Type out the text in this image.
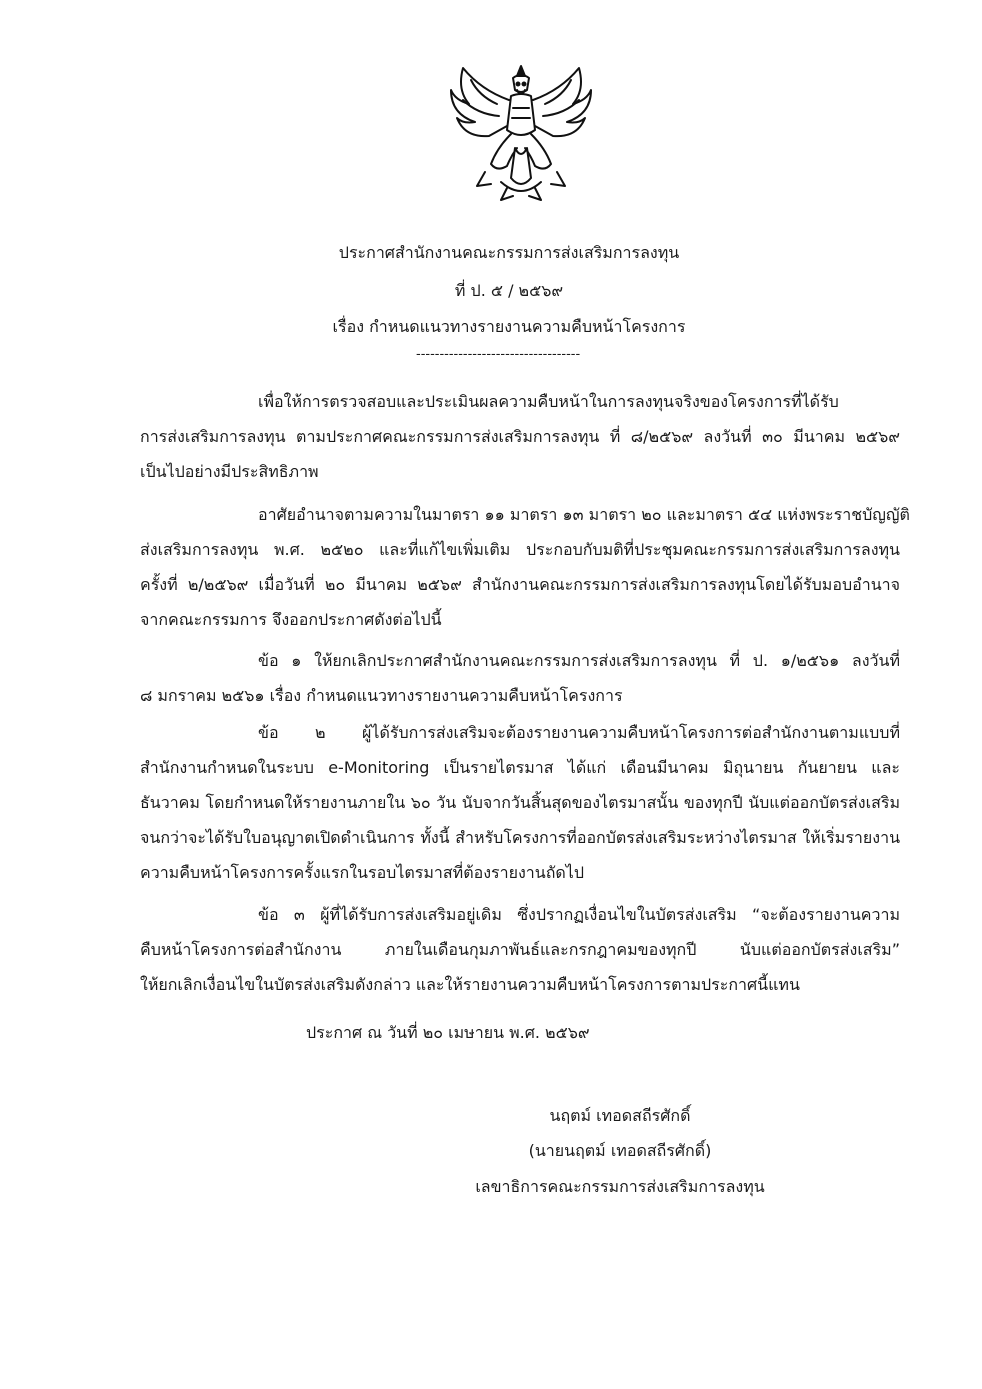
ประกาศสำนักงานคณะกรรมการส่งเสริมการลงทุน
ที่ ป. ๕ / ๒๕๖๙
เรื่อง กำหนดแนวทางรายงานความคืบหน้าโครงการ
-----------------------------------
เพื่อให้การตรวจสอบและประเมินผลความคืบหน้าในการลงทุนจริงของโครงการที่ได้รับ
การส่งเสริมการลงทุน ตามประกาศคณะกรรมการส่งเสริมการลงทุน ที่ ๘/๒๕๖๙ ลงวันที่ ๓๐ มีนาคม ๒๕๖๙
เป็นไปอย่างมีประสิทธิภาพ
อาศัยอำนาจตามความในมาตรา ๑๑ มาตรา ๑๓ มาตรา ๒๐ และมาตรา ๕๔ แห่งพระราชบัญญัติ
ส่งเสริมการลงทุน พ.ศ. ๒๕๒๐ และที่แก้ไขเพิ่มเติม ประกอบกับมติที่ประชุมคณะกรรมการส่งเสริมการลงทุน
ครั้งที่ ๒/๒๕๖๙ เมื่อวันที่ ๒๐ มีนาคม ๒๕๖๙ สำนักงานคณะกรรมการส่งเสริมการลงทุนโดยได้รับมอบอำนาจ
จากคณะกรรมการ จึงออกประกาศดังต่อไปนี้
ข้อ ๑ ให้ยกเลิกประกาศสำนักงานคณะกรรมการส่งเสริมการลงทุน ที่ ป. ๑/๒๕๖๑ ลงวันที่
๘ มกราคม ๒๕๖๑ เรื่อง กำหนดแนวทางรายงานความคืบหน้าโครงการ
ข้อ ๒ ผู้ได้รับการส่งเสริมจะต้องรายงานความคืบหน้าโครงการต่อสำนักงานตามแบบที่
สำนักงานกำหนดในระบบ e-Monitoring เป็นรายไตรมาส ได้แก่ เดือนมีนาคม มิถุนายน กันยายน และ
ธันวาคม โดยกำหนดให้รายงานภายใน ๖๐ วัน นับจากวันสิ้นสุดของไตรมาสนั้น ของทุกปี นับแต่ออกบัตรส่งเสริม
จนกว่าจะได้รับใบอนุญาตเปิดดำเนินการ ทั้งนี้ สำหรับโครงการที่ออกบัตรส่งเสริมระหว่างไตรมาส ให้เริ่มรายงาน
ความคืบหน้าโครงการครั้งแรกในรอบไตรมาสที่ต้องรายงานถัดไป
ข้อ ๓ ผู้ที่ได้รับการส่งเสริมอยู่เดิม ซึ่งปรากฏเงื่อนไขในบัตรส่งเสริม “จะต้องรายงานความ
คืบหน้าโครงการต่อสำนักงาน ภายในเดือนกุมภาพันธ์และกรกฎาคมของทุกปี นับแต่ออกบัตรส่งเสริม”
ให้ยกเลิกเงื่อนไขในบัตรส่งเสริมดังกล่าว และให้รายงานความคืบหน้าโครงการตามประกาศนี้แทน
ประกาศ ณ วันที่ ๒๐ เมษายน พ.ศ. ๒๕๖๙
นฤตม์ เทอดสถีรศักดิ์
(นายนฤตม์ เทอดสถีรศักดิ์)
เลขาธิการคณะกรรมการส่งเสริมการลงทุน
